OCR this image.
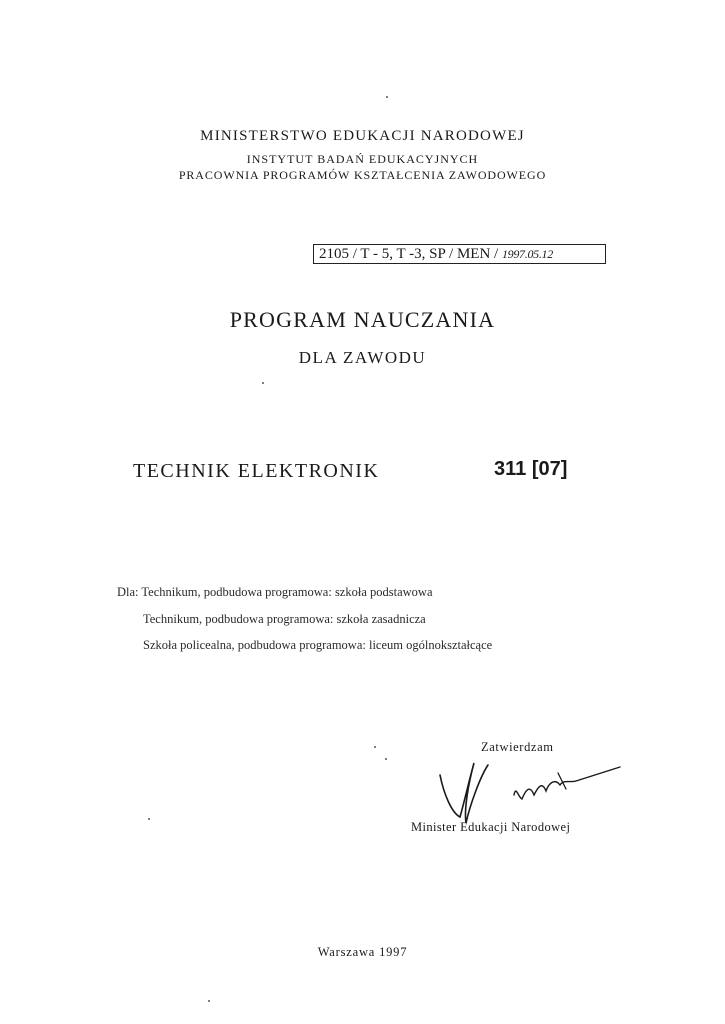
MINISTERSTWO EDUKACJI NARODOWEJ
INSTYTUT BADAŃ EDUKACYJNYCH
PRACOWNIA PROGRAMÓW KSZTAŁCENIA ZAWODOWEGO
2105 / T - 5, T -3, SP / MEN / 1997.05.12
PROGRAM NAUCZANIA
DLA ZAWODU
TECHNIK ELEKTRONIK	311 [07]
Dla: Technikum, podbudowa programowa: szkoła podstawowa
Technikum, podbudowa programowa: szkoła zasadnicza
Szkoła policealna, podbudowa programowa: liceum ogólnokształcące
Zatwierdzam
Minister Edukacji Narodowej
Warszawa 1997
